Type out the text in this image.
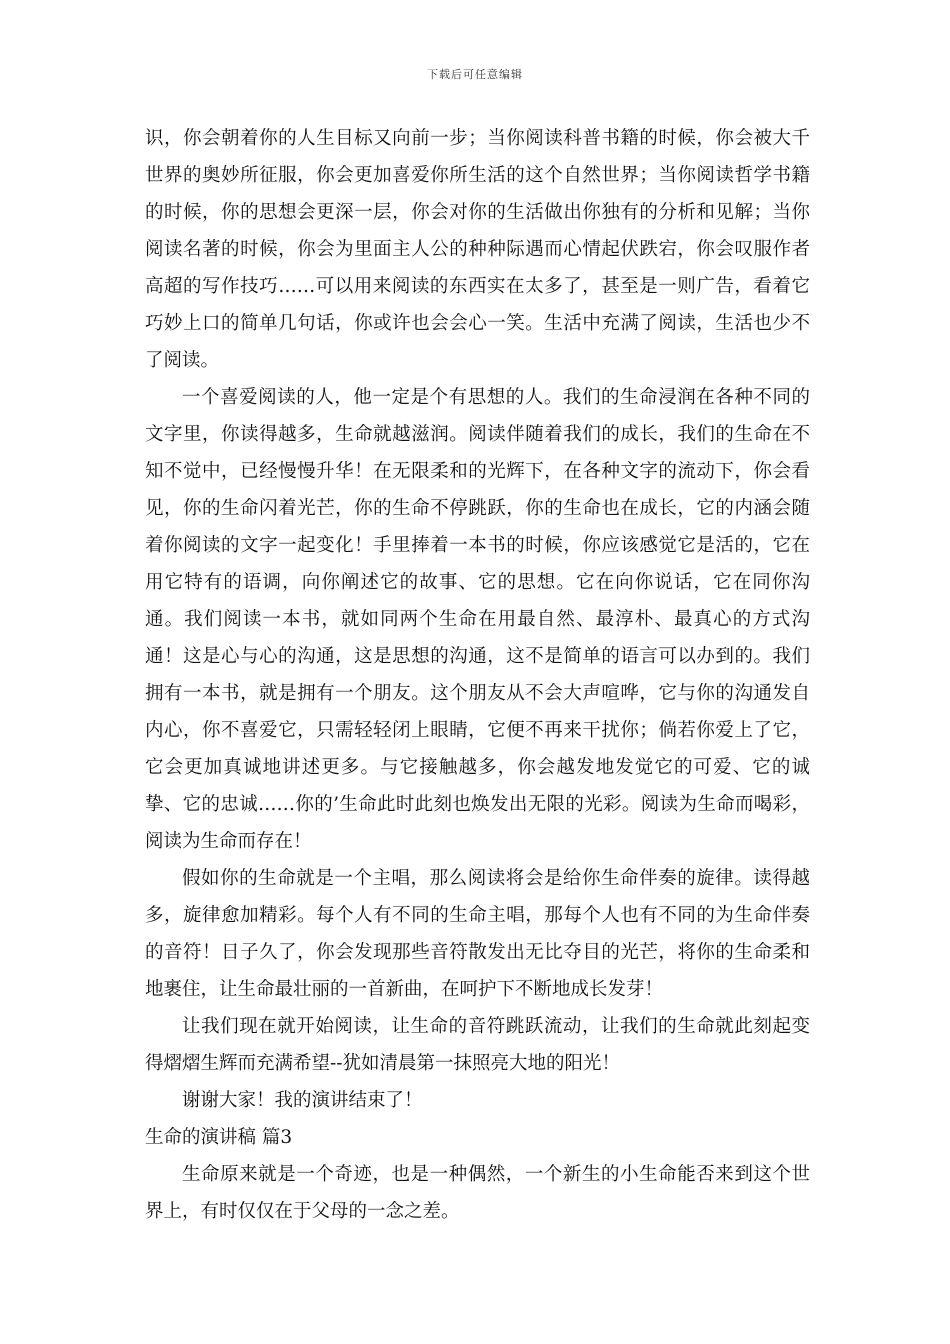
下载后可任意编辑

识，你会朝着你的人生目标又向前一步；当你阅读科普书籍的时候，你会被大千世界的奥妙所征服，你会更加喜爱你所生活的这个自然世界；当你阅读哲学书籍的时候，你的思想会更深一层，你会对你的生活做出你独有的分析和见解；当你阅读名著的时候，你会为里面主人公的种种际遇而心情起伏跌宕，你会叹服作者高超的写作技巧……可以用来阅读的东西实在太多了，甚至是一则广告，看着它巧妙上口的简单几句话，你或许也会会心一笑。生活中充满了阅读，生活也少不了阅读。

一个喜爱阅读的人，他一定是个有思想的人。我们的生命浸润在各种不同的文字里，你读得越多，生命就越滋润。阅读伴随着我们的成长，我们的生命在不知不觉中，已经慢慢升华！在无限柔和的光辉下，在各种文字的流动下，你会看见，你的生命闪着光芒，你的生命不停跳跃，你的生命也在成长，它的内涵会随着你阅读的文字一起变化！手里捧着一本书的时候，你应该感觉它是活的，它在用它特有的语调，向你阐述它的故事、它的思想。它在向你说话，它在同你沟通。我们阅读一本书，就如同两个生命在用最自然、最淳朴、最真心的方式沟通！这是心与心的沟通，这是思想的沟通，这不是简单的语言可以办到的。我们拥有一本书，就是拥有一个朋友。这个朋友从不会大声喧哗，它与你的沟通发自内心，你不喜爱它，只需轻轻闭上眼睛，它便不再来干扰你；倘若你爱上了它，它会更加真诚地讲述更多。与它接触越多，你会越发地发觉它的可爱、它的诚挚、它的忠诚……你的’生命此时此刻也焕发出无限的光彩。阅读为生命而喝彩，阅读为生命而存在！

假如你的生命就是一个主唱，那么阅读将会是给你生命伴奏的旋律。读得越多，旋律愈加精彩。每个人有不同的生命主唱，那每个人也有不同的为生命伴奏的音符！日子久了，你会发现那些音符散发出无比夺目的光芒，将你的生命柔和地裹住，让生命最壮丽的一首新曲，在呵护下不断地成长发芽！

让我们现在就开始阅读，让生命的音符跳跃流动，让我们的生命就此刻起变得熠熠生辉而充满希望--犹如清晨第一抹照亮大地的阳光！

谢谢大家！我的演讲结束了！

生命的演讲稿 篇3

生命原来就是一个奇迹，也是一种偶然，一个新生的小生命能否来到这个世界上，有时仅仅在于父母的一念之差。
